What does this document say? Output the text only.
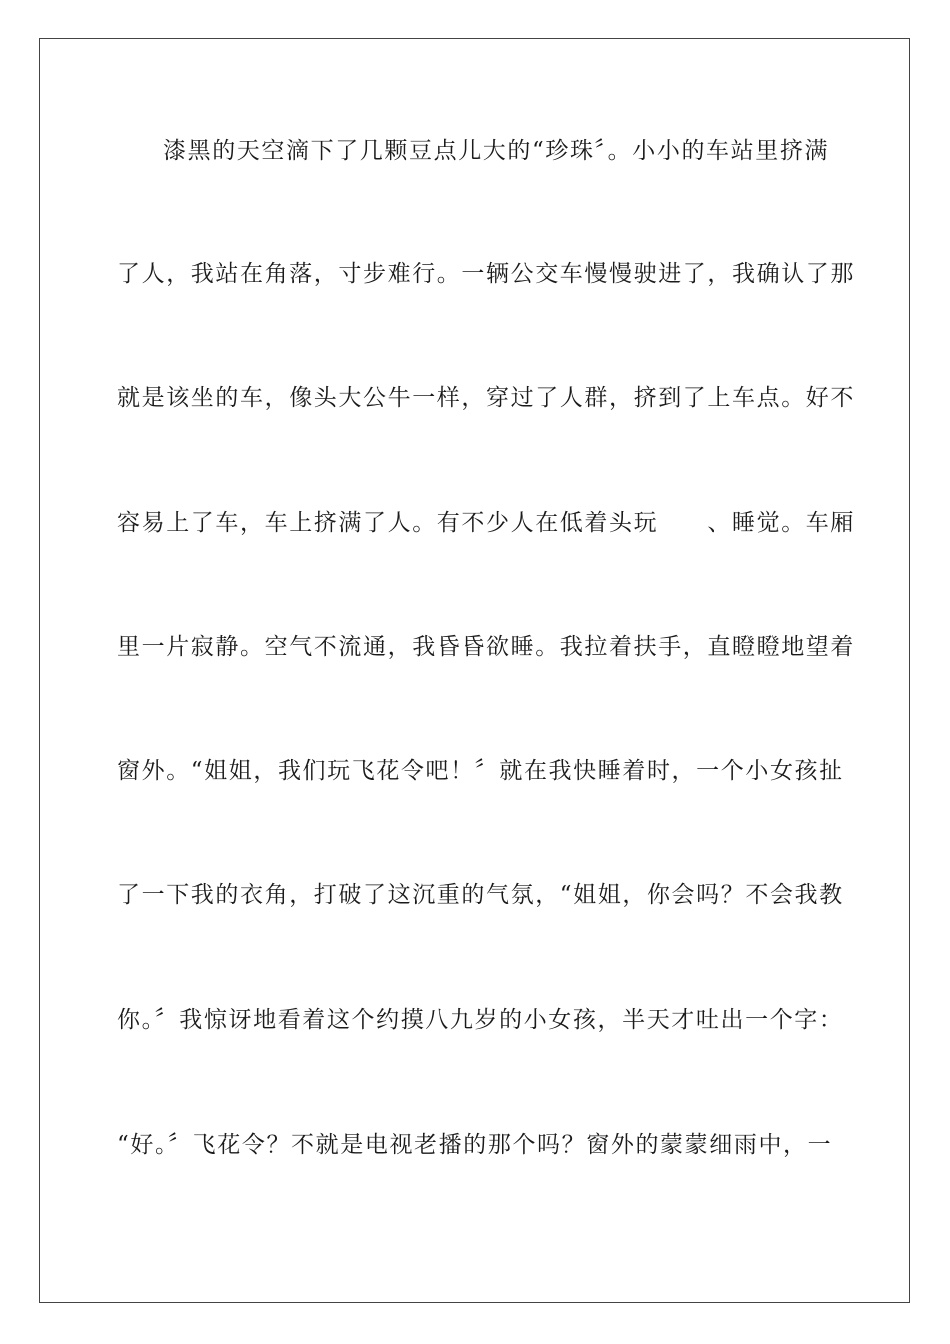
漆黑的天空滴下了几颗豆点儿大的“珍珠〞。小小的车站里挤满
了人，我站在角落，寸步难行。一辆公交车慢慢驶进了，我确认了那
就是该坐的车，像头大公牛一样，穿过了人群，挤到了上车点。好不
容易上了车，车上挤满了人。有不少人在低着头玩　　、睡觉。车厢
里一片寂静。空气不流通，我昏昏欲睡。我拉着扶手，直瞪瞪地望着
窗外。“姐姐，我们玩飞花令吧！〞就在我快睡着时，一个小女孩扯
了一下我的衣角，打破了这沉重的气氛，“姐姐，你会吗？不会我教
你。〞我惊讶地看着这个约摸八九岁的小女孩，半天才吐出一个字：
“好。〞飞花令？不就是电视老播的那个吗？窗外的蒙蒙细雨中，一
